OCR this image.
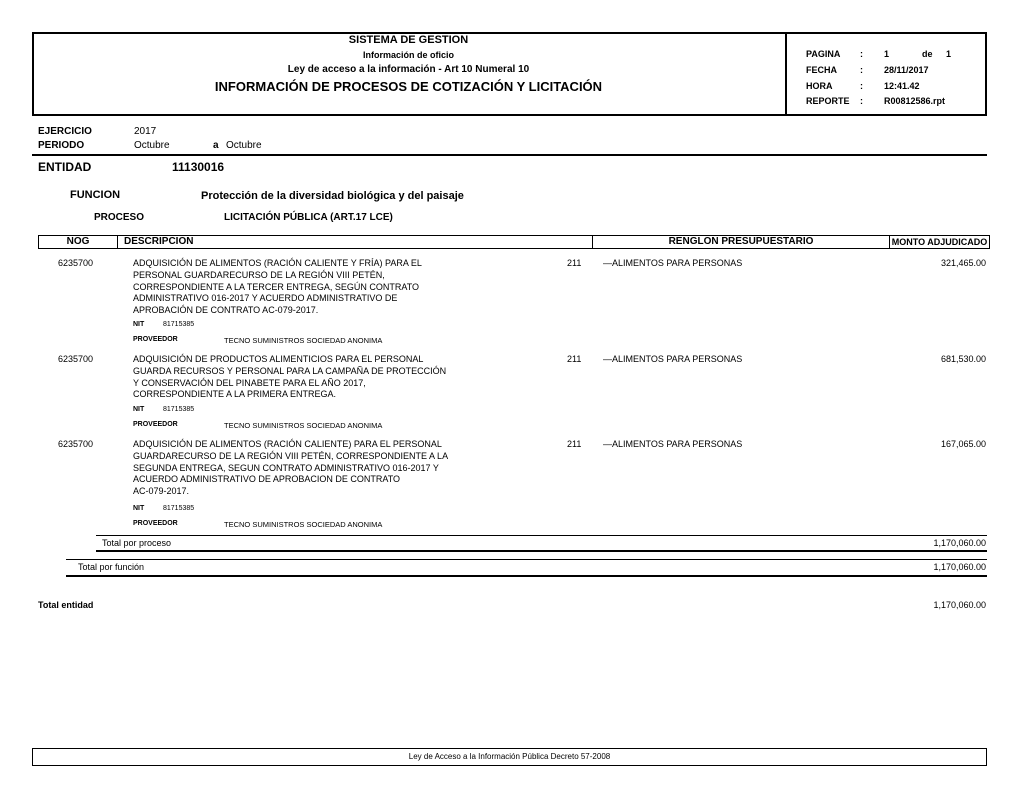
SISTEMA DE GESTION
Información de oficio
Ley de acceso a la información - Art 10 Numeral 10
INFORMACIÓN DE PROCESOS DE COTIZACIÓN Y LICITACIÓN
PAGINA : 1	de 1
FECHA	: 28/11/2017
HORA	: 12:41.42
REPORTE : R00812586.rpt
EJERCICIO	2017
PERIODO	Octubre	a Octubre
ENTIDAD	11130016
FUNCION	Protección de la diversidad biológica y del paisaje
PROCESO	LICITACIÓN PÚBLICA (ART.17 LCE)
NOG	DESCRIPCION	RENGLON PRESUPUESTARIO	MONTO ADJUDICADO
6235700	ADQUISICIÓN DE ALIMENTOS (RACIÓN CALIENTE Y FRÍA) PARA EL
PERSONAL GUARDARECURSO DE LA REGIÓN VIII PETÉN,
CORRESPONDIENTE A LA TERCER ENTREGA, SEGÚN CONTRATO
ADMINISTRATIVO 016-2017 Y ACUERDO ADMINISTRATIVO DE
APROBACIÓN DE CONTRATO AC-079-2017.
NIT	81715385
PROVEEDOR	TECNO SUMINISTROS SOCIEDAD ANONIMA
211 —ALIMENTOS PARA PERSONAS	321,465.00
6235700	ADQUISICIÓN DE PRODUCTOS ALIMENTICIOS PARA EL PERSONAL
GUARDA RECURSOS Y PERSONAL PARA LA CAMPAÑA DE PROTECCIÓN
Y CONSERVACIÓN DEL PINABETE PARA EL AÑO 2017,
CORRESPONDIENTE A LA PRIMERA ENTREGA.
NIT	81715385
PROVEEDOR	TECNO SUMINISTROS SOCIEDAD ANONIMA
211 —ALIMENTOS PARA PERSONAS	681,530.00
6235700	ADQUISICIÓN DE ALIMENTOS (RACIÓN CALIENTE) PARA EL PERSONAL
GUARDARECURSO DE LA REGIÓN VIII PETÉN, CORRESPONDIENTE A LA
SEGUNDA ENTREGA, SEGUN CONTRATO ADMINISTRATIVO 016-2017 Y
ACUERDO ADMINISTRATIVO DE APROBACION DE CONTRATO
AC-079-2017.
NIT	81715385
PROVEEDOR	TECNO SUMINISTROS SOCIEDAD ANONIMA
211 —ALIMENTOS PARA PERSONAS	167,065.00
Total por proceso	1,170,060.00
Total por función	1,170,060.00
Total entidad	1,170,060.00
Ley de Acceso a la Información Pública Decreto 57-2008
